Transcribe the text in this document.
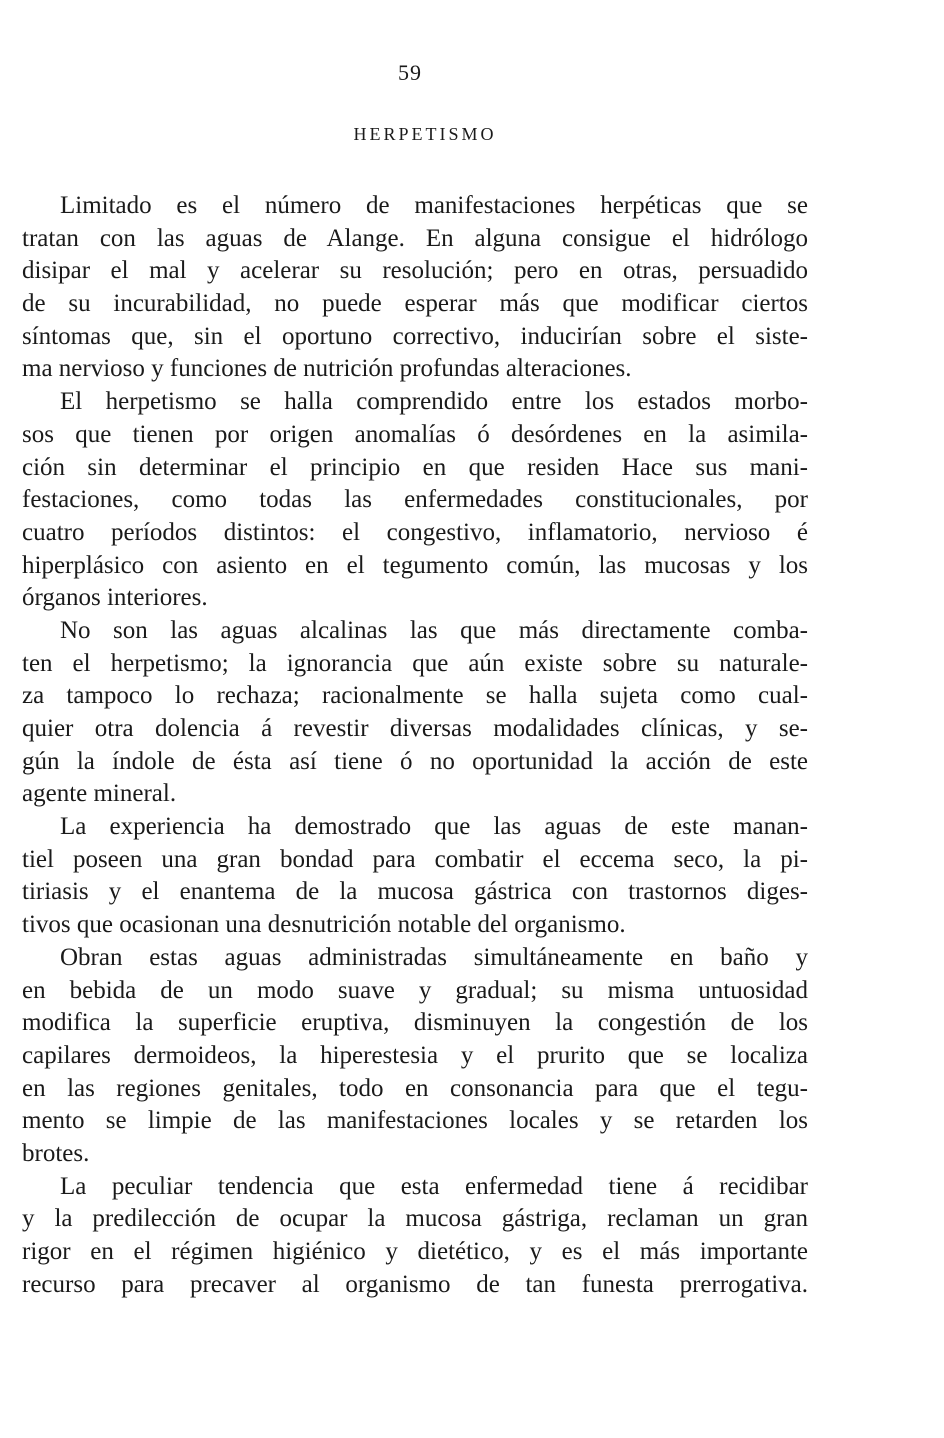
59
HERPETISMO
Limitado es el número de manifestaciones herpéticas que se
tratan con las aguas de Alange. En alguna consigue el hidrólogo
disipar el mal y acelerar su resolución; pero en otras, persuadido
de su incurabilidad, no puede esperar más que modificar ciertos
síntomas que, sin el oportuno correctivo, inducirían sobre el siste-
ma nervioso y funciones de nutrición profundas alteraciones.
El herpetismo se halla comprendido entre los estados morbo-
sos que tienen por origen anomalías ó desórdenes en la asimila-
ción sin determinar el principio en que residen Hace sus mani-
festaciones, como todas las enfermedades constitucionales, por
cuatro períodos distintos: el congestivo, inflamatorio, nervioso é
hiperplásico con asiento en el tegumento común, las mucosas y los
órganos interiores.
No son las aguas alcalinas las que más directamente comba-
ten el herpetismo; la ignorancia que aún existe sobre su naturale-
za tampoco lo rechaza; racionalmente se halla sujeta como cual-
quier otra dolencia á revestir diversas modalidades clínicas, y se-
gún la índole de ésta así tiene ó no oportunidad la acción de este
agente mineral.
La experiencia ha demostrado que las aguas de este manan-
tiel poseen una gran bondad para combatir el eccema seco, la pi-
tiriasis y el enantema de la mucosa gástrica con trastornos diges-
tivos que ocasionan una desnutrición notable del organismo.
Obran estas aguas administradas simultáneamente en baño y
en bebida de un modo suave y gradual; su misma untuosidad
modifica la superficie eruptiva, disminuyen la congestión de los
capilares dermoideos, la hiperestesia y el prurito que se localiza
en las regiones genitales, todo en consonancia para que el tegu-
mento se limpie de las manifestaciones locales y se retarden los
brotes.
La peculiar tendencia que esta enfermedad tiene á recidibar
y la predilección de ocupar la mucosa gástriga, reclaman un gran
rigor en el régimen higiénico y dietético, y es el más importante
recurso para precaver al organismo de tan funesta prerrogativa.
